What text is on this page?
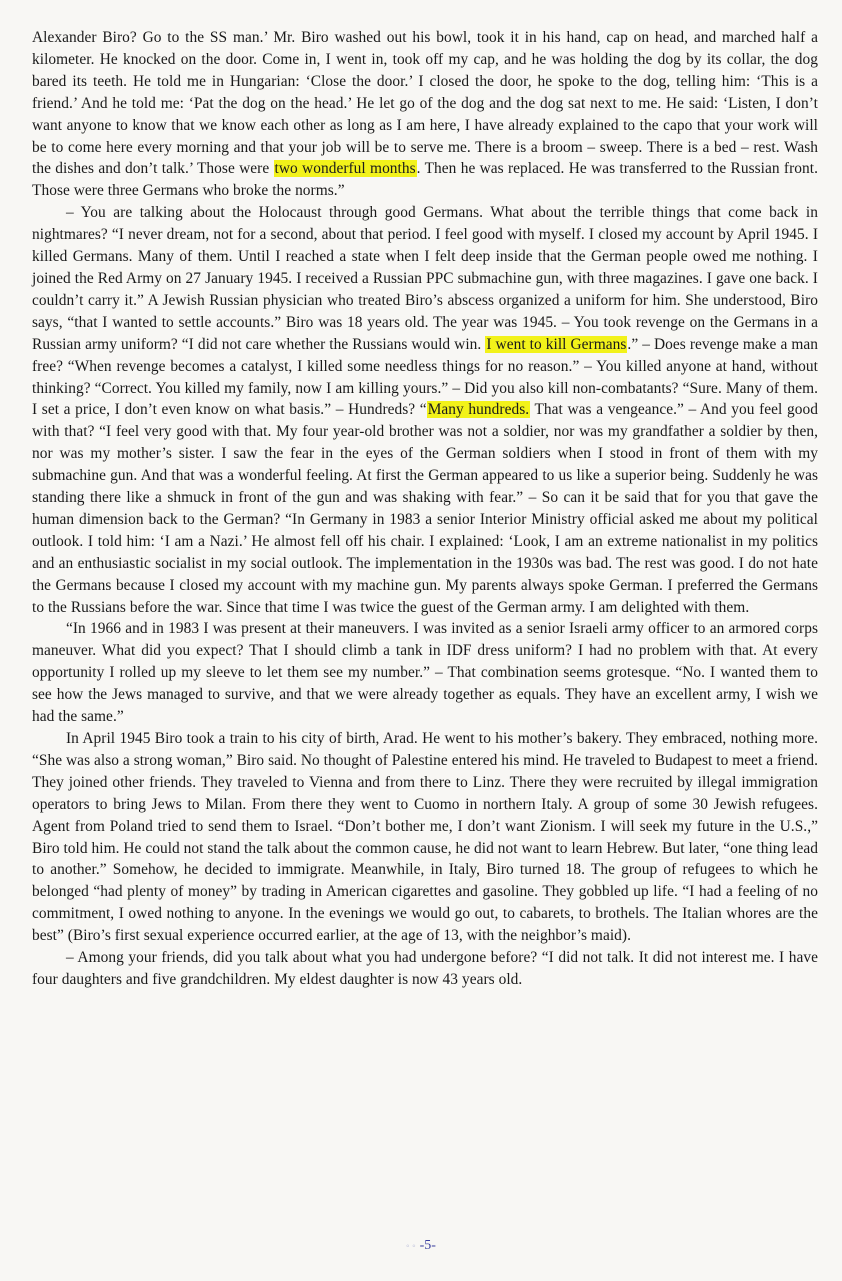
Alexander Biro? Go to the SS man.’ Mr. Biro washed out his bowl, took it in his hand, cap on head, and marched half a kilometer. He knocked on the door. Come in, I went in, took off my cap, and he was holding the dog by its collar, the dog bared its teeth. He told me in Hungarian: ‘Close the door.’ I closed the door, he spoke to the dog, telling him: ‘This is a friend.’ And he told me: ‘Pat the dog on the head.’ He let go of the dog and the dog sat next to me. He said: ‘Listen, I don’t want anyone to know that we know each other as long as I am here, I have already explained to the capo that your work will be to come here every morning and that your job will be to serve me. There is a broom – sweep. There is a bed – rest. Wash the dishes and don’t talk.’ Those were two wonderful months. Then he was replaced. He was transferred to the Russian front. Those were three Germans who broke the norms.”

– You are talking about the Holocaust through good Germans. What about the terrible things that come back in nightmares? “I never dream, not for a second, about that period. I feel good with myself. I closed my account by April 1945. I killed Germans. Many of them. Until I reached a state when I felt deep inside that the German people owed me nothing. I joined the Red Army on 27 January 1945. I received a Russian PPC submachine gun, with three magazines. I gave one back. I couldn’t carry it.” A Jewish Russian physician who treated Biro’s abscess organized a uniform for him. She understood, Biro says, “that I wanted to settle accounts.” Biro was 18 years old. The year was 1945. – You took revenge on the Germans in a Russian army uniform? “I did not care whether the Russians would win. I went to kill Germans.” – Does revenge make a man free? “When revenge becomes a catalyst, I killed some needless things for no reason.” – You killed anyone at hand, without thinking? “Correct. You killed my family, now I am killing yours.” – Did you also kill non-combatants? “Sure. Many of them. I set a price, I don’t even know on what basis.” – Hundreds? “Many hundreds. That was a vengeance.” – And you feel good with that? “I feel very good with that. My four year-old brother was not a soldier, nor was my grandfather a soldier by then, nor was my mother’s sister. I saw the fear in the eyes of the German soldiers when I stood in front of them with my submachine gun. And that was a wonderful feeling. At first the German appeared to us like a superior being. Suddenly he was standing there like a shmuck in front of the gun and was shaking with fear.” – So can it be said that for you that gave the human dimension back to the German? “In Germany in 1983 a senior Interior Ministry official asked me about my political outlook. I told him: ‘I am a Nazi.’ He almost fell off his chair. I explained: ‘Look, I am an extreme nationalist in my politics and an enthusiastic socialist in my social outlook. The implementation in the 1930s was bad. The rest was good. I do not hate the Germans because I closed my account with my machine gun. My parents always spoke German. I preferred the Germans to the Russians before the war. Since that time I was twice the guest of the German army. I am delighted with them.

“In 1966 and in 1983 I was present at their maneuvers. I was invited as a senior Israeli army officer to an armored corps maneuver. What did you expect? That I should climb a tank in IDF dress uniform? I had no problem with that. At every opportunity I rolled up my sleeve to let them see my number.” – That combination seems grotesque. “No. I wanted them to see how the Jews managed to survive, and that we were already together as equals. They have an excellent army, I wish we had the same.”

In April 1945 Biro took a train to his city of birth, Arad. He went to his mother’s bakery. They embraced, nothing more. “She was also a strong woman,” Biro said. No thought of Palestine entered his mind. He traveled to Budapest to meet a friend. They joined other friends. They traveled to Vienna and from there to Linz. There they were recruited by illegal immigration operators to bring Jews to Milan. From there they went to Cuomo in northern Italy. A group of some 30 Jewish refugees. Agent from Poland tried to send them to Israel. “Don’t bother me, I don’t want Zionism. I will seek my future in the U.S.,” Biro told him. He could not stand the talk about the common cause, he did not want to learn Hebrew. But later, “one thing lead to another.” Somehow, he decided to immigrate. Meanwhile, in Italy, Biro turned 18. The group of refugees to which he belonged “had plenty of money” by trading in American cigarettes and gasoline. They gobbled up life. “I had a feeling of no commitment, I owed nothing to anyone. In the evenings we would go out, to cabarets, to brothels. The Italian whores are the best” (Biro’s first sexual experience occurred earlier, at the age of 13, with the neighbor’s maid).

– Among your friends, did you talk about what you had undergone before? “I did not talk. It did not interest me. I have four daughters and five grandchildren. My eldest daughter is now 43 years old.

◦ ◦ -5-
